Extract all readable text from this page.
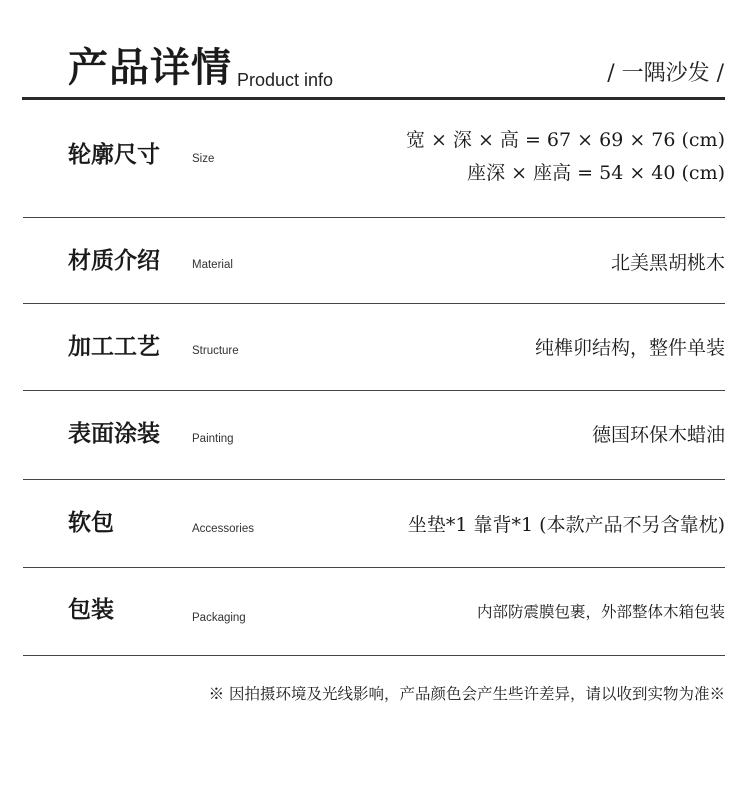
产品详情 Product info	/ 一隅沙发 /
轮廓尺寸	Size
宽 × 深 × 高 = 67 × 69 × 76 (cm)
座深 × 座高 = 54 × 40 (cm)
材质介绍	Material	北美黑胡桃木
加工工艺	Structure	纯榫卯结构，整件单装
表面涂装	Painting	德国环保木蜡油
软包	Accessories	坐垫*1 靠背*1 (本款产品不另含靠枕)
包装	Packaging	内部防震膜包裹，外部整体木箱包装
※ 因拍摄环境及光线影响，产品颜色会产生些许差异，请以收到实物为准※
